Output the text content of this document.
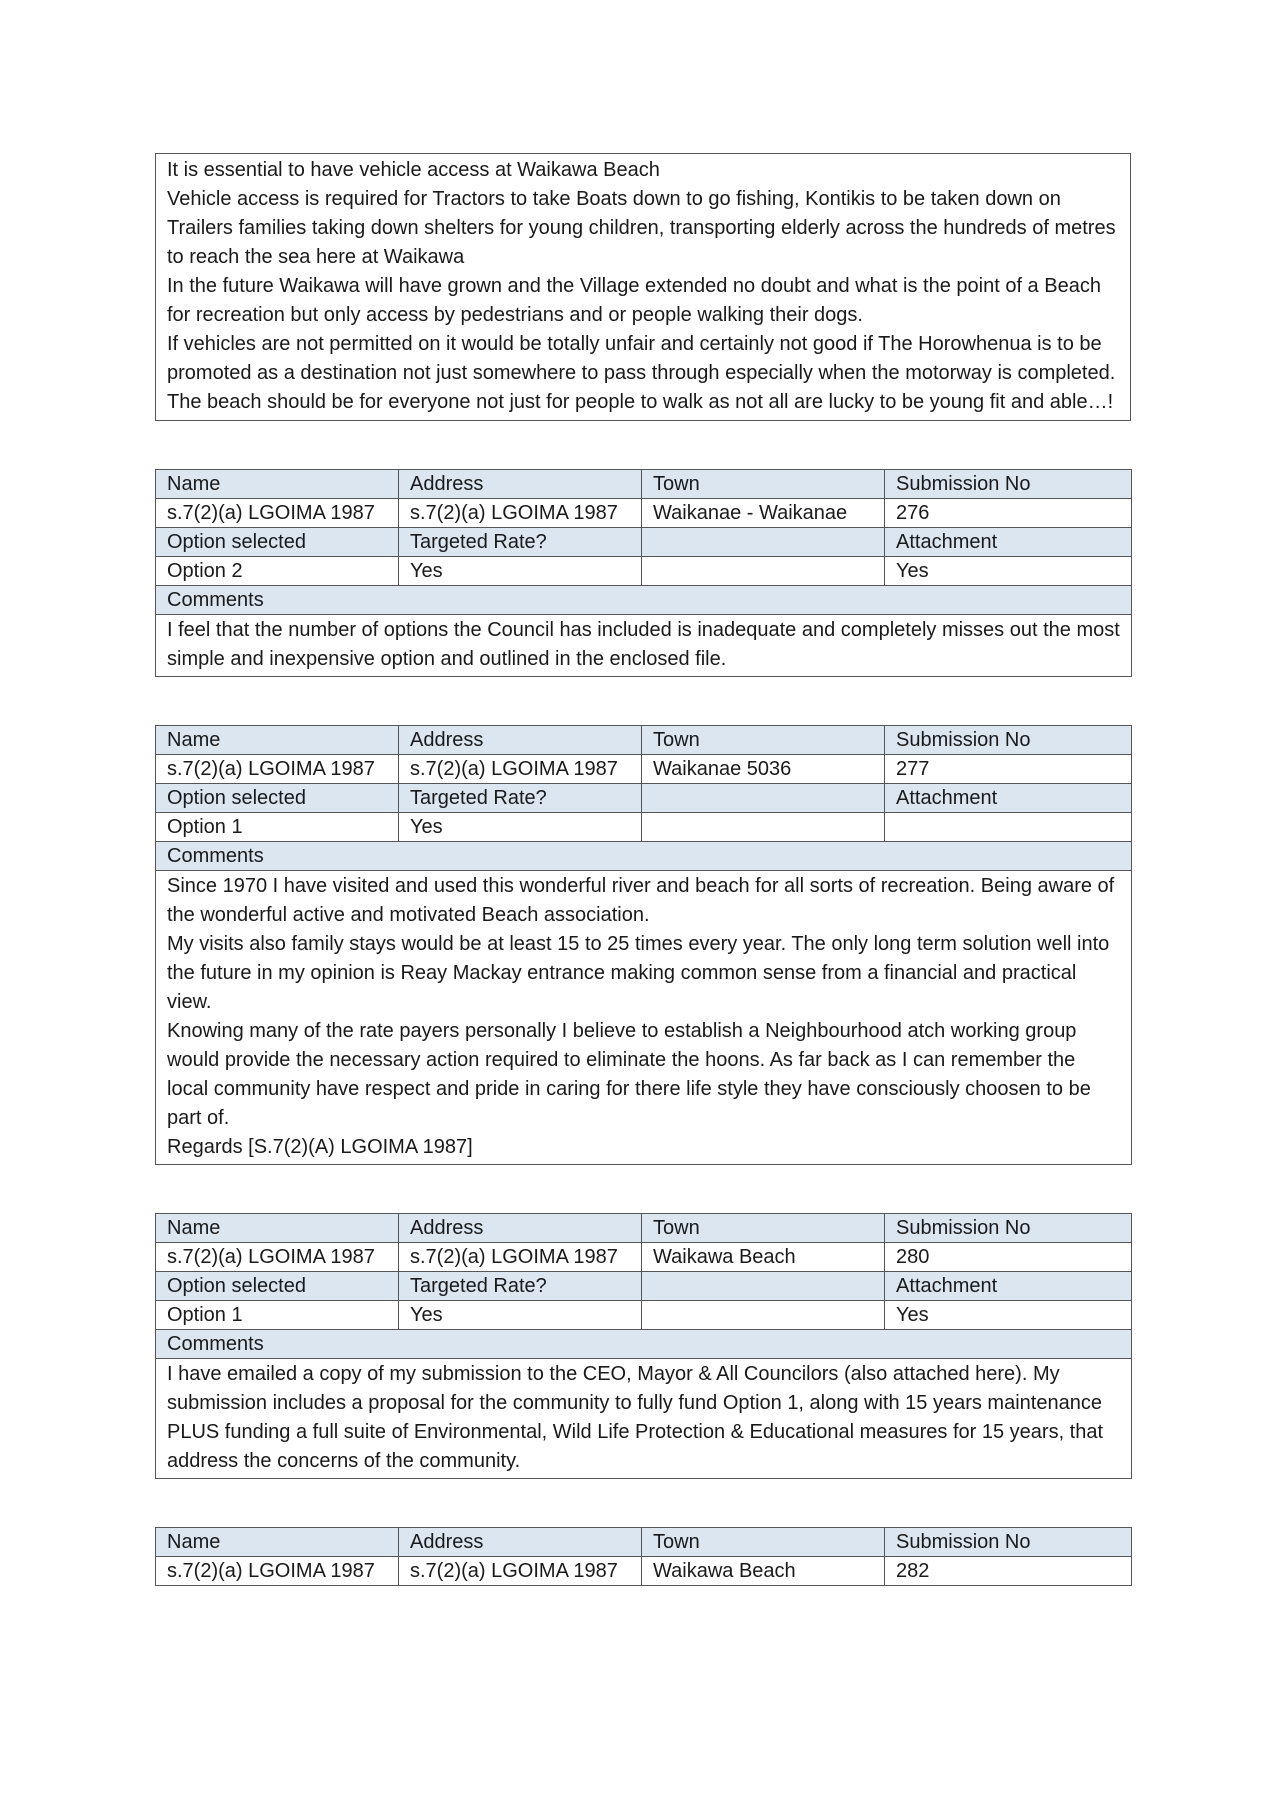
It is essential to have vehicle access at Waikawa Beach

Vehicle access is required for Tractors to take Boats down to go fishing, Kontikis to be taken down on Trailers families taking down shelters for young children, transporting elderly across the hundreds of metres to reach the sea here at Waikawa

In the future Waikawa will have grown and the Village extended no doubt and what is the point of a Beach for recreation but only access by pedestrians and or people walking their dogs.

If vehicles are not permitted on it would be totally unfair and certainly not good if The Horowhenua is to be promoted as a destination not just somewhere to pass through especially when the motorway is completed.

The beach should be for everyone not just for people to walk as not all are lucky to be young fit and able…!

Name	Address	Town	Submission No
s.7(2)(a) LGOIMA 1987	s.7(2)(a) LGOIMA 1987	Waikanae - Waikanae	276
Option selected	Targeted Rate?		Attachment
Option 2	Yes		Yes
Comments			

I feel that the number of options the Council has included is inadequate and completely misses out the most simple and inexpensive option and outlined in the enclosed file.			

Name	Address	Town	Submission No
s.7(2)(a) LGOIMA 1987	s.7(2)(a) LGOIMA 1987	Waikanae 5036	277
Option selected	Targeted Rate?		Attachment
Option 1	Yes		
Comments			

Since 1970 I have visited and used this wonderful river and beach for all sorts of recreation. Being aware of the wonderful active and motivated Beach association.

My visits also family stays would be at least 15 to 25 times every year. The only long term solution well into the future in my opinion is Reay Mackay entrance making common sense from a financial and practical view.

Knowing many of the rate payers personally I believe to establish a Neighbourhood atch working group would provide the necessary action required to eliminate the hoons. As far back as I can remember the local community have respect and pride in caring for there life style they have consciously choosen to be part of.

Regards [S.7(2)(A) LGOIMA 1987]			

Name	Address	Town	Submission No
s.7(2)(a) LGOIMA 1987	s.7(2)(a) LGOIMA 1987	Waikawa Beach	280
Option selected	Targeted Rate?		Attachment
Option 1	Yes		Yes
Comments			

I have emailed a copy of my submission to the CEO, Mayor & All Councilors (also attached here). My submission includes a proposal for the community to fully fund Option 1, along with 15 years maintenance PLUS funding a full suite of Environmental, Wild Life Protection & Educational measures for 15 years, that address the concerns of the community.			

Name	Address	Town	Submission No
s.7(2)(a) LGOIMA 1987	s.7(2)(a) LGOIMA 1987	Waikawa Beach	282
